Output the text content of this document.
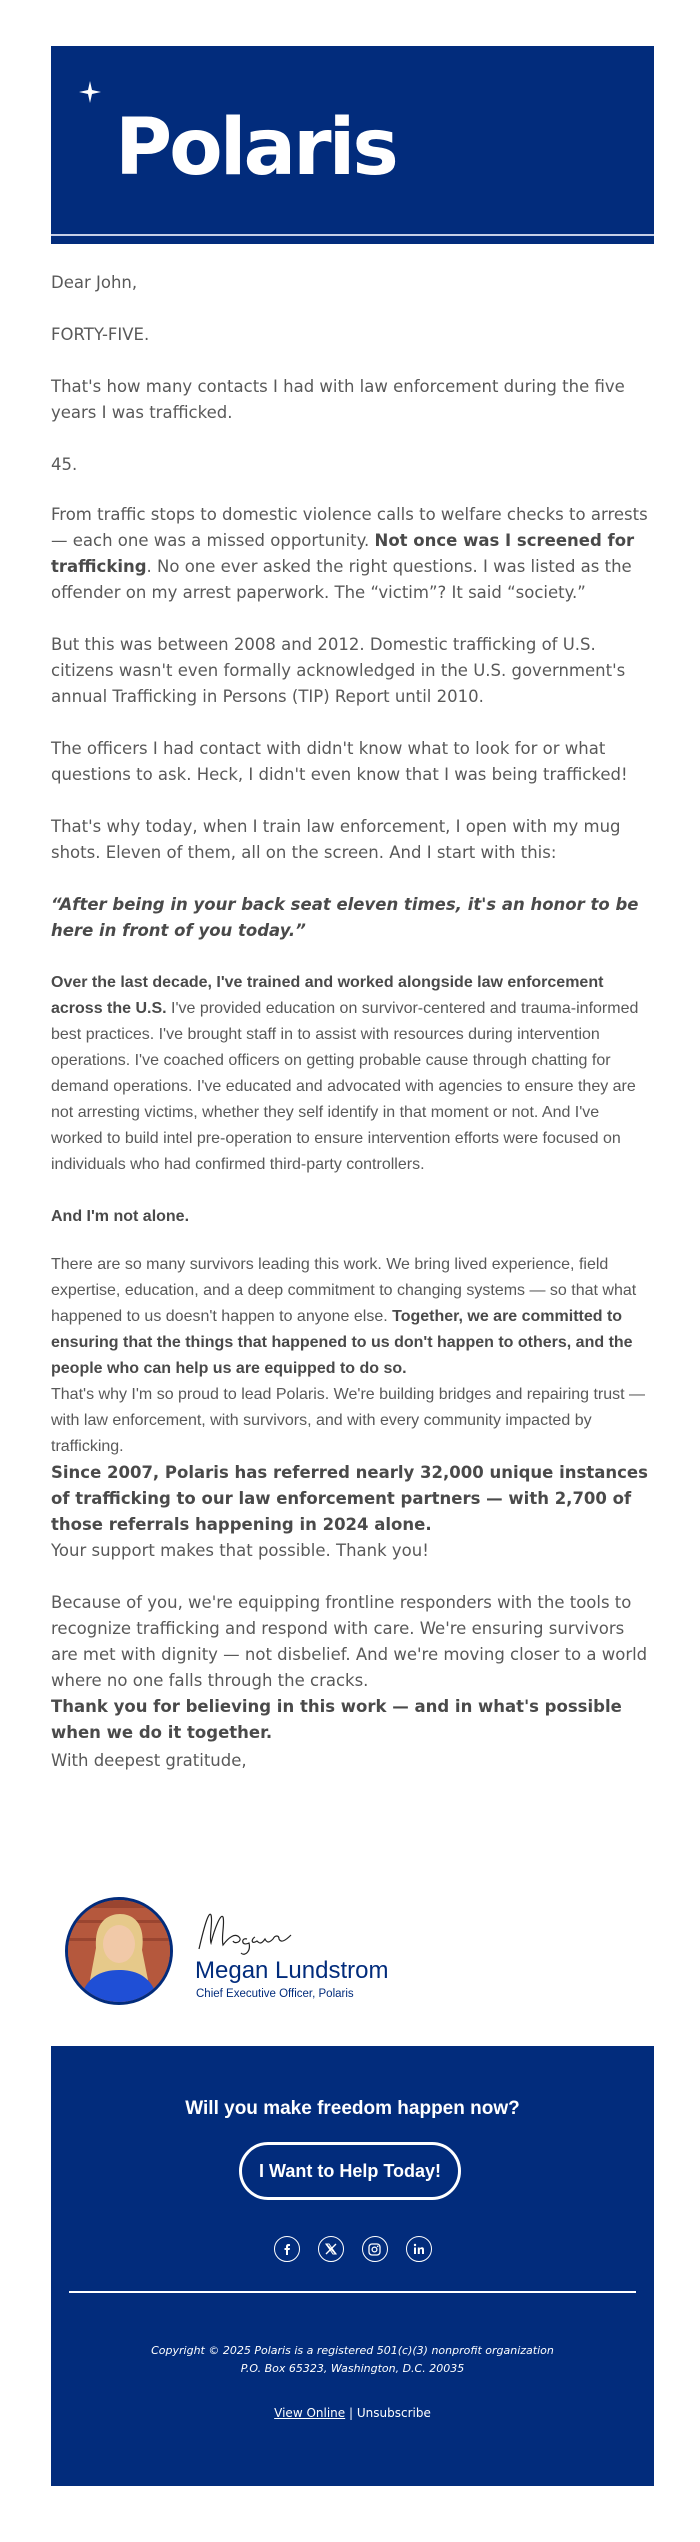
Polaris

Dear John,

FORTY-FIVE.

That's how many contacts I had with law enforcement during the five years I was trafficked.

45.

From traffic stops to domestic violence calls to welfare checks to arrests — each one was a missed opportunity. Not once was I screened for trafficking. No one ever asked the right questions. I was listed as the offender on my arrest paperwork. The “victim”? It said “society.”

But this was between 2008 and 2012. Domestic trafficking of U.S. citizens wasn't even formally acknowledged in the U.S. government's annual Trafficking in Persons (TIP) Report until 2010.

The officers I had contact with didn't know what to look for or what questions to ask. Heck, I didn't even know that I was being trafficked!

That's why today, when I train law enforcement, I open with my mug shots. Eleven of them, all on the screen. And I start with this:

“After being in your back seat eleven times, it's an honor to be here in front of you today.”

Over the last decade, I've trained and worked alongside law enforcement across the U.S. I've provided education on survivor-centered and trauma-informed best practices. I've brought staff in to assist with resources during intervention operations. I've coached officers on getting probable cause through chatting for demand operations. I've educated and advocated with agencies to ensure they are not arresting victims, whether they self identify in that moment or not. And I've worked to build intel pre-operation to ensure intervention efforts were focused on individuals who had confirmed third-party controllers.

And I'm not alone.

There are so many survivors leading this work. We bring lived experience, field expertise, education, and a deep commitment to changing systems — so that what happened to us doesn't happen to anyone else. Together, we are committed to ensuring that the things that happened to us don't happen to others, and the people who can help us are equipped to do so.

That's why I'm so proud to lead Polaris. We're building bridges and repairing trust — with law enforcement, with survivors, and with every community impacted by trafficking.

Since 2007, Polaris has referred nearly 32,000 unique instances of trafficking to our law enforcement partners — with 2,700 of those referrals happening in 2024 alone.

Your support makes that possible. Thank you!

Because of you, we're equipping frontline responders with the tools to recognize trafficking and respond with care. We're ensuring survivors are met with dignity — not disbelief. And we're moving closer to a world where no one falls through the cracks.

Thank you for believing in this work — and in what's possible when we do it together.

With deepest gratitude,

Megan Lundstrom
Chief Executive Officer, Polaris
Will you make freedom happen now?
I Want to Help Today!
Copyright © 2025 Polaris is a registered 501(c)(3) nonprofit organization
P.O. Box 65323, Washington, D.C. 20035
View Online | Unsubscribe
